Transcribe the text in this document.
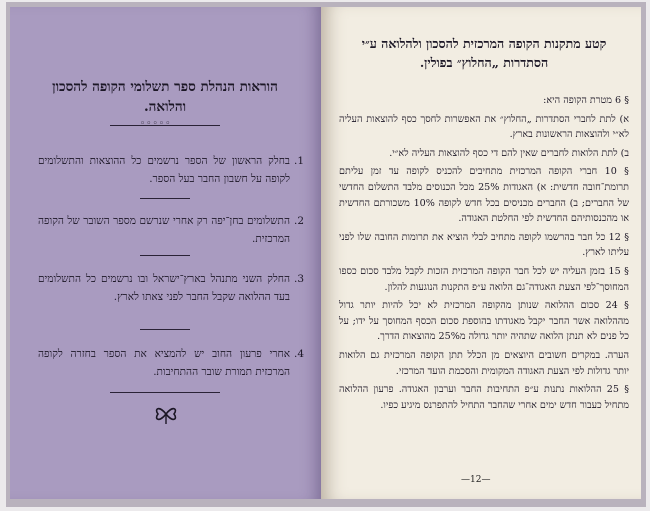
הוראות הנהלת ספר תשלומי הקופה להסכון והלואה.
◦◦◦◦◦
1.
בחלק הראשון של הספר נרשמים כל ההוצאות והתשלומים לקופה על חשבון החבר בעל הספר.
2.
התשלומים בחן־יפה רק אחרי שנרשם מספר השובר של הקופה המרכזית.
3.
החלק השני מתנהל בארץ־ישראל ובו נרשמים כל התשלומים בעד ההלואה שקבל החבר לפני צאתו לארץ.
4.
אחרי פרעון החוב יש להמציא את הספר בחזרה לקופה המרכזית תמורת שובר ההתחיבות.
קטע מתקנות הקופה המרכזית להסכון ולהלואה ע״י הסתדרות „החלוץ״ בפולין.

§ 6 מטרת הקופה היא:

א) לתת לחברי הסתדרות „החלוץ״ את האפשרות לחסך כסף להוצאות העליה לא״י ולהוצאות הראשונות בארץ.

ב) לתת הלואות לחברים שאין להם די כסף להוצאות העליה לא״י.

§ 10 חברי הקופה המרכזית מתחיבים להכניס לקופה עד זמן עליתם תרומת־חובה חדשית: א) האגודות 25% מכל הכנוסים מלבד התשלום החדשי של החברים; ב) החברים מכניסים בכל חדש לקופה 10% משכורתם החדשית או מהכנסותיהם החדשית לפי החלטת האגודה.

§ 12 כל חבר בהרשמו לקופה מתחיב לבלי הוציא את תרומות החובה שלו לפני עליתו לארץ.

§ 15 בזמן העליה יש לכל חבר הקופה המרכזית הזכות לקבל מלבד סכום כספו המחוסך־לפי הצעת האגודה־גם הלואה ע״פ התקנות הנוגעות להלון.

§ 24 סכום ההלואה שנותן מהקופה המרכזית לא יכל להיות יותר גדול מההלואה אשר החבר יקבל מאגודתו בהוספת סכום הכסף המחוסך על ידו; על כל פנים לא תנתן הלואה שתהיה יותר גדולה מ25% מהוצאות הדרך.

הערה. במקרים חשובים היוצאים מן הכלל תתן הקופה המרכזית גם הלואות יותר גדולות לפי הצעת האגודה המקומית והסכמת הועד המרכזי.

§ 25 ההלואות נתנות ע״פ התחיבות החבר וערבון האגודה. פרעון ההלואה מתחיל כעבור חדש ימים אחרי שהחבר התחיל להתפרנס מיגיע כפיו.

—12—
